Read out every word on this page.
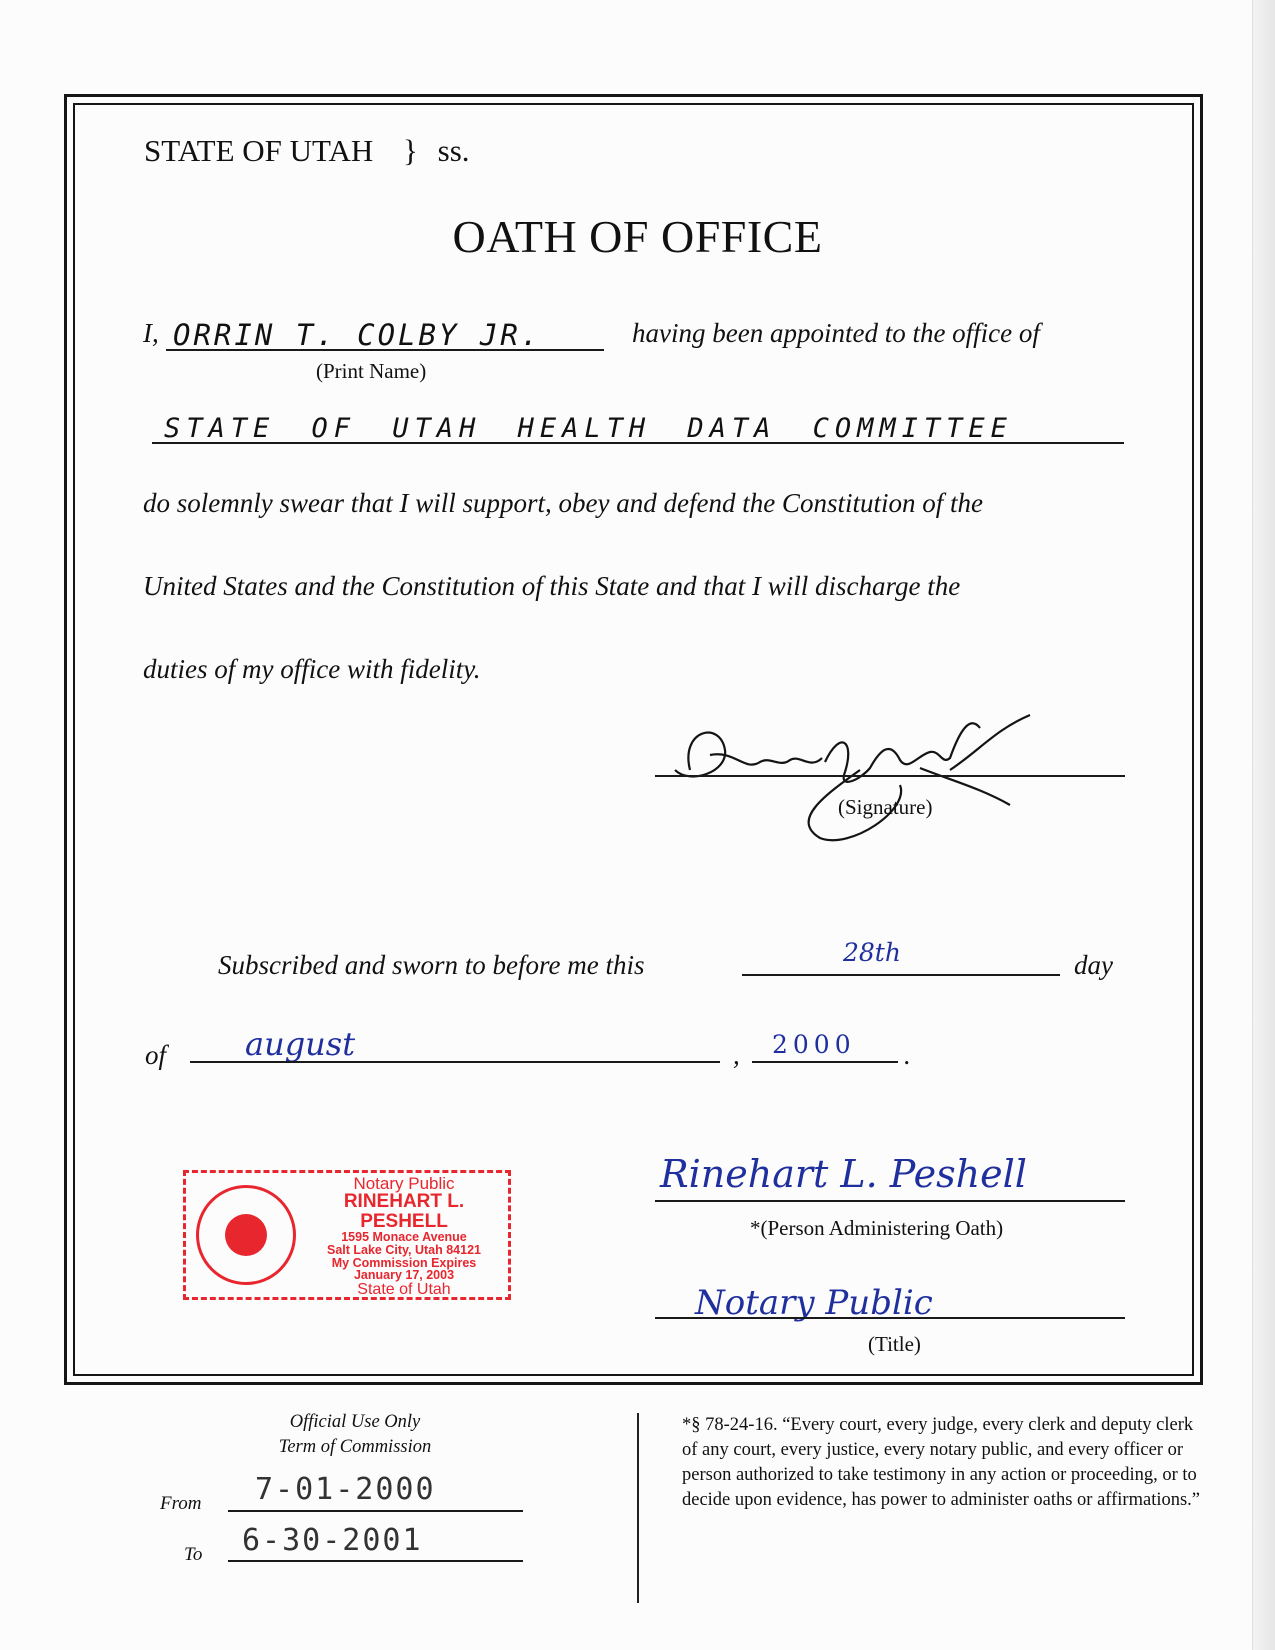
STATE OF UTAH } ss.
OATH OF OFFICE
I, ORRIN T. COLBY JR.	having been appointed to the office of
(Print Name)
STATE OF UTAH HEALTH DATA COMMITTEE
do solemnly swear that I will support, obey and defend the Constitution of the
United States and the Constitution of this State and that I will discharge the
duties of my office with fidelity.
(Signature)
Subscribed and sworn to before me this	28th	day
of august	, 2000 .
Notary Public
RINEHART L. PESHELL
1595 Monace Avenue
Salt Lake City, Utah 84121
My Commission Expires
January 17, 2003
State of Utah
Rinehart L. Peshell
*(Person Administering Oath)
Notary Public
(Title)
Official Use Only
Term of Commission
From 7-01-2000
To 6-30-2001
*§ 78-24-16. “Every court, every judge, every clerk and deputy clerk of any court, every justice, every notary public, and every officer or person authorized to take testimony in any action or proceeding, or to decide upon evidence, has power to administer oaths or affirmations.”
